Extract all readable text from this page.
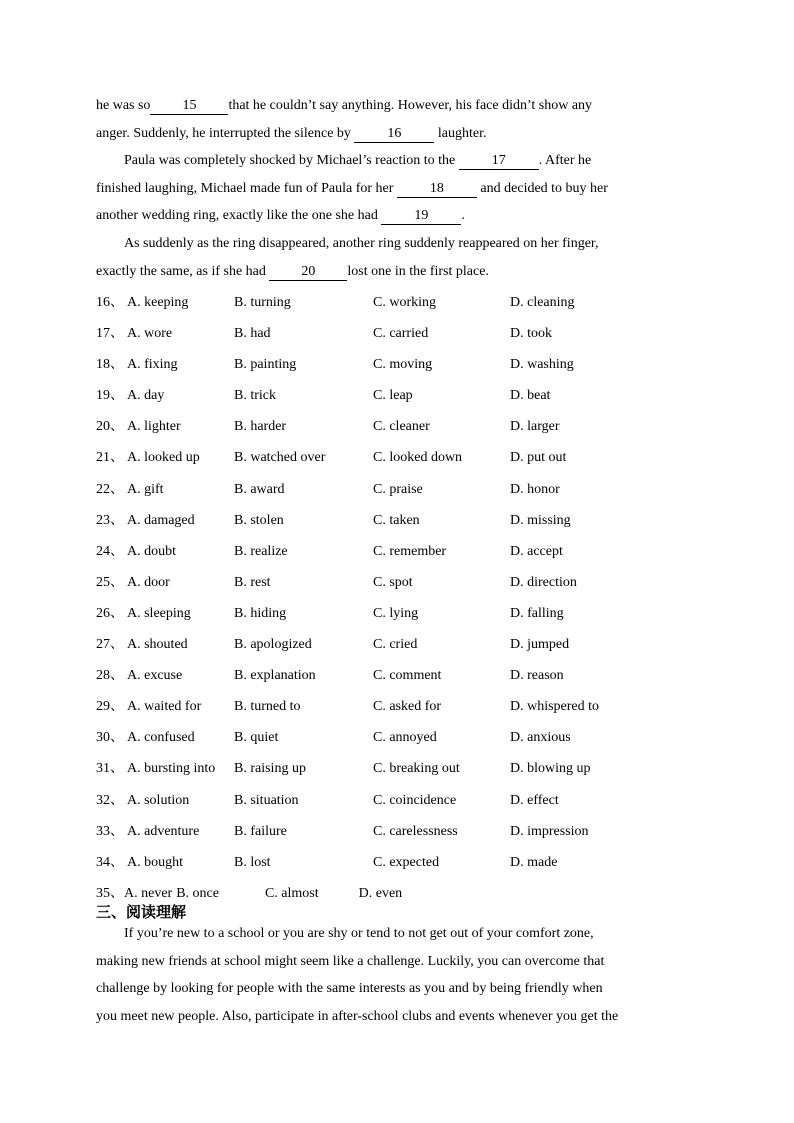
he was so 15 that he couldn’t say anything. However, his face didn’t show any
anger. Suddenly, he interrupted the silence by 16 laughter.
Paula was completely shocked by Michael’s reaction to the 17 . After he
finished laughing, Michael made fun of Paula for her 18 and decided to buy her
another wedding ring, exactly like the one she had 19 .
As suddenly as the ring disappeared, another ring suddenly reappeared on her finger,
exactly the same, as if she had 20 lost one in the first place.
16、 A. keeping	B. turning	C. working	D. cleaning
17、 A. wore	B. had	C. carried	D. took
18、 A. fixing	B. painting	C. moving	D. washing
19、 A. day	B. trick	C. leap	D. beat
20、 A. lighter	B. harder	C. cleaner	D. larger
21、 A. looked up B. watched over	C. looked down	D. put out
22、 A. gift	B. award	C. praise	D. honor
23、 A. damaged	B. stolen	C. taken	D. missing
24、 A. doubt	B. realize	C. remember	D. accept
25、 A. door	B. rest	C. spot	D. direction
26、 A. sleeping	B. hiding	C. lying	D. falling
27、 A. shouted	B. apologized	C. cried	D. jumped
28、 A. excuse	B. explanation	C. comment	D. reason
29、 A. waited for B. turned to	C. asked for	D. whispered to
30、 A. confused	B. quiet	C. annoyed	D. anxious
31、 A. bursting into B. raising up	C. breaking out	D. blowing up
32、 A. solution	B. situation	C. coincidence	D. effect
33、 A. adventure B. failure	C. carelessness	D. impression
34、 A. bought	B. lost	C. expected	D. made
35、A. never B. once	C. almost	D. even
三、阅读理解
If you’re new to a school or you are shy or tend to not get out of your comfort zone,
making new friends at school might seem like a challenge. Luckily, you can overcome that
challenge by looking for people with the same interests as you and by being friendly when
you meet new people. Also, participate in after-school clubs and events whenever you get the
